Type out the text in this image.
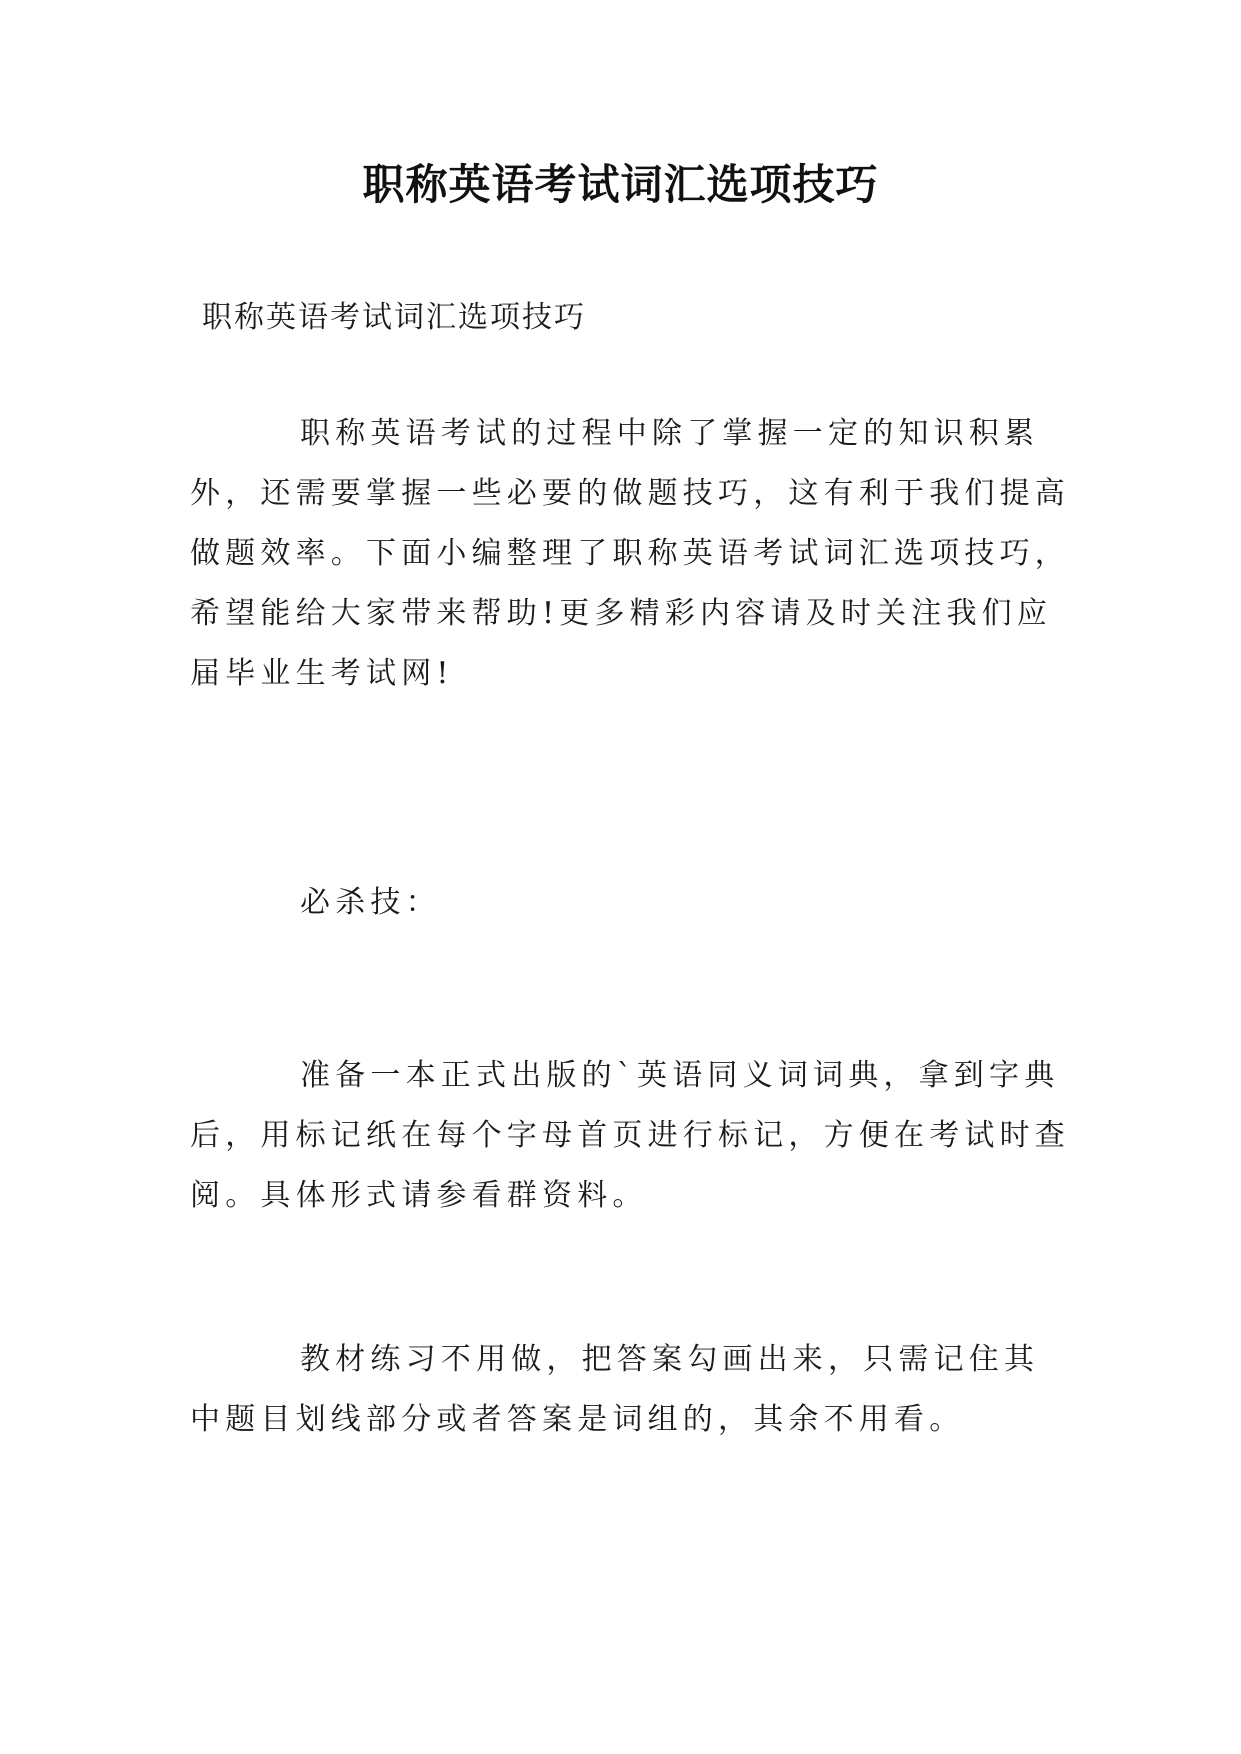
职称英语考试词汇选项技巧

职称英语考试词汇选项技巧

职称英语考试的过程中除了掌握一定的知识积累外，还需要掌握一些必要的做题技巧，这有利于我们提高做题效率。下面小编整理了职称英语考试词汇选项技巧，希望能给大家带来帮助!更多精彩内容请及时关注我们应届毕业生考试网!

必杀技：

准备一本正式出版的`英语同义词词典，拿到字典后，用标记纸在每个字母首页进行标记，方便在考试时查阅。具体形式请参看群资料。

教材练习不用做，把答案勾画出来，只需记住其中题目划线部分或者答案是词组的，其余不用看。
